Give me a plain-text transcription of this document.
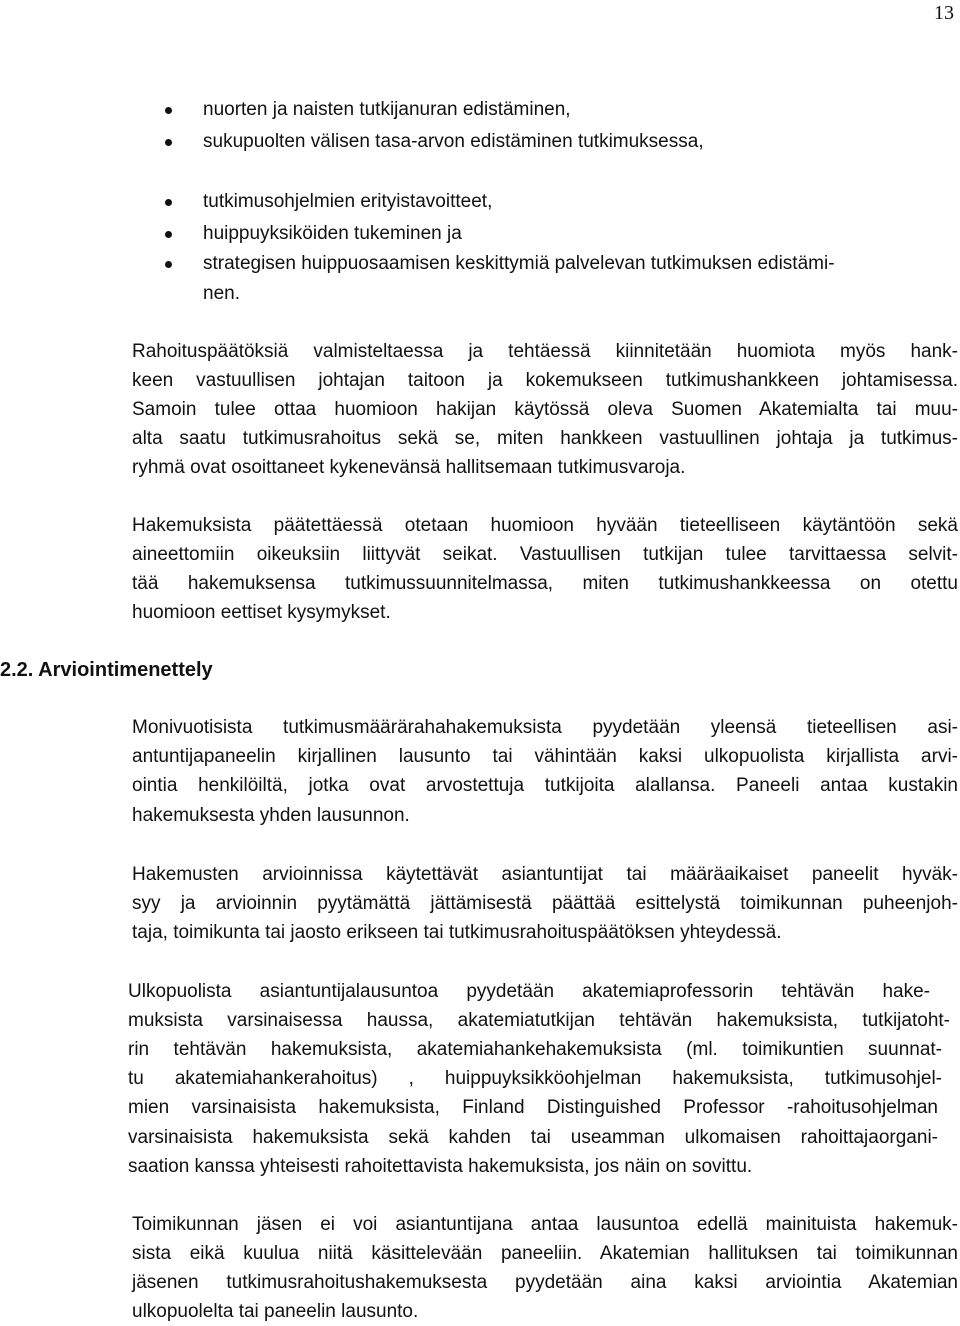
13
nuorten ja naisten tutkijanuran edistäminen,
sukupuolten välisen tasa-arvon edistäminen tutkimuksessa,
tutkimusohjelmien erityistavoitteet,
huippuyksiköiden tukeminen ja
strategisen huippuosaamisen keskittymiä palvelevan tutkimuksen edistämi-
nen.
Rahoituspäätöksiä valmisteltaessa ja tehtäessä kiinnitetään huomiota myös hank-
keen vastuullisen johtajan taitoon ja kokemukseen tutkimushankkeen johtamisessa.
Samoin tulee ottaa huomioon hakijan käytössä oleva Suomen Akatemialta tai muu-
alta saatu tutkimusrahoitus sekä se, miten hankkeen vastuullinen johtaja ja tutkimus-
ryhmä ovat osoittaneet kykenevänsä hallitsemaan tutkimusvaroja.
Hakemuksista päätettäessä otetaan huomioon hyvään tieteelliseen käytäntöön sekä
aineettomiin oikeuksiin liittyvät seikat. Vastuullisen tutkijan tulee tarvittaessa selvit-
tää hakemuksensa tutkimussuunnitelmassa, miten tutkimushankkeessa on otettu
huomioon eettiset kysymykset.
2.2. Arviointimenettely
Monivuotisista tutkimusmäärärahahakemuksista pyydetään yleensä tieteellisen asi-
antuntijapaneelin kirjallinen lausunto tai vähintään kaksi ulkopuolista kirjallista arvi-
ointia henkilöiltä, jotka ovat arvostettuja tutkijoita alallansa. Paneeli antaa kustakin
hakemuksesta yhden lausunnon.
Hakemusten arvioinnissa käytettävät asiantuntijat tai määräaikaiset paneelit hyväk-
syy ja arvioinnin pyytämättä jättämisestä päättää esittelystä toimikunnan puheenjoh-
taja, toimikunta tai jaosto erikseen tai tutkimusrahoituspäätöksen yhteydessä.
Ulkopuolista asiantuntijalausuntoa pyydetään akatemiaprofessorin tehtävän hake-
muksista varsinaisessa haussa, akatemiatutkijan tehtävän hakemuksista, tutkijatoht-
rin tehtävän hakemuksista, akatemiahankehakemuksista (ml. toimikuntien suunnat-
tu akatemiahankerahoitus) , huippuyksikköohjelman hakemuksista, tutkimusohjel-
mien varsinaisista hakemuksista, Finland Distinguished Professor -rahoitusohjelman
varsinaisista hakemuksista sekä kahden tai useamman ulkomaisen rahoittajaorgani-
saation kanssa yhteisesti rahoitettavista hakemuksista, jos näin on sovittu.
Toimikunnan jäsen ei voi asiantuntijana antaa lausuntoa edellä mainituista hakemuk-
sista eikä kuulua niitä käsittelevään paneeliin. Akatemian hallituksen tai toimikunnan
jäsenen tutkimusrahoitushakemuksesta pyydetään aina kaksi arviointia Akatemian
ulkopuolelta tai paneelin lausunto.
